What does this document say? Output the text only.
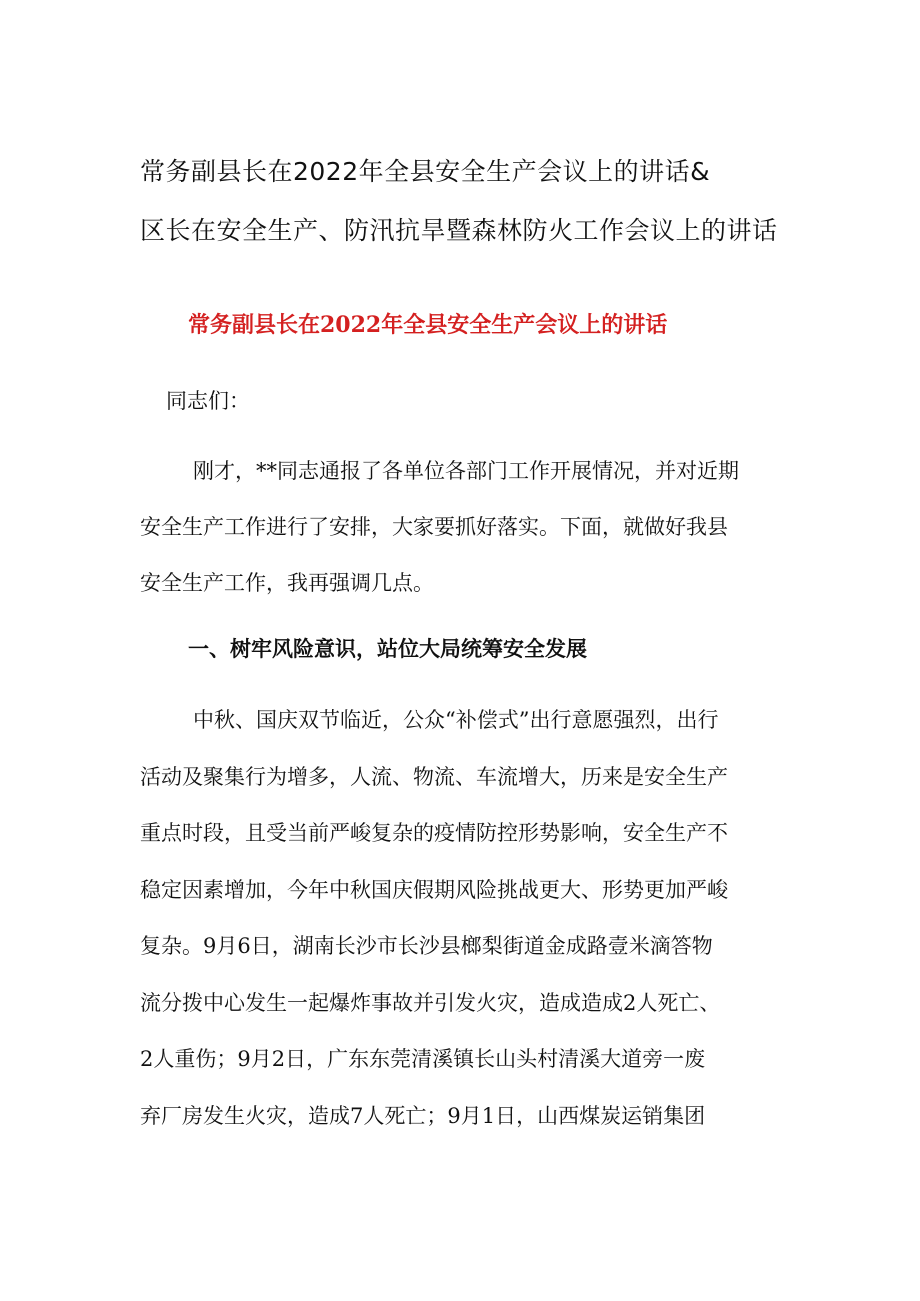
常务副县长在2022年全县安全生产会议上的讲话&
区长在安全生产、防汛抗旱暨森林防火工作会议上的讲话
常务副县长在2022年全县安全生产会议上的讲话
同志们：
刚才，**同志通报了各单位各部门工作开展情况，并对近期
安全生产工作进行了安排，大家要抓好落实。下面，就做好我县
安全生产工作，我再强调几点。
一、树牢风险意识，站位大局统筹安全发展
中秋、国庆双节临近，公众“补偿式”出行意愿强烈，出行
活动及聚集行为增多，人流、物流、车流增大，历来是安全生产
重点时段，且受当前严峻复杂的疫情防控形势影响，安全生产不
稳定因素增加，今年中秋国庆假期风险挑战更大、形势更加严峻
复杂。9月6日，湖南长沙市长沙县榔梨街道金成路壹米滴答物
流分拨中心发生一起爆炸事故并引发火灾，造成造成2人死亡、
2人重伤；9月2日，广东东莞清溪镇长山头村清溪大道旁一废
弃厂房发生火灾，造成7人死亡；9月1日，山西煤炭运销集团
